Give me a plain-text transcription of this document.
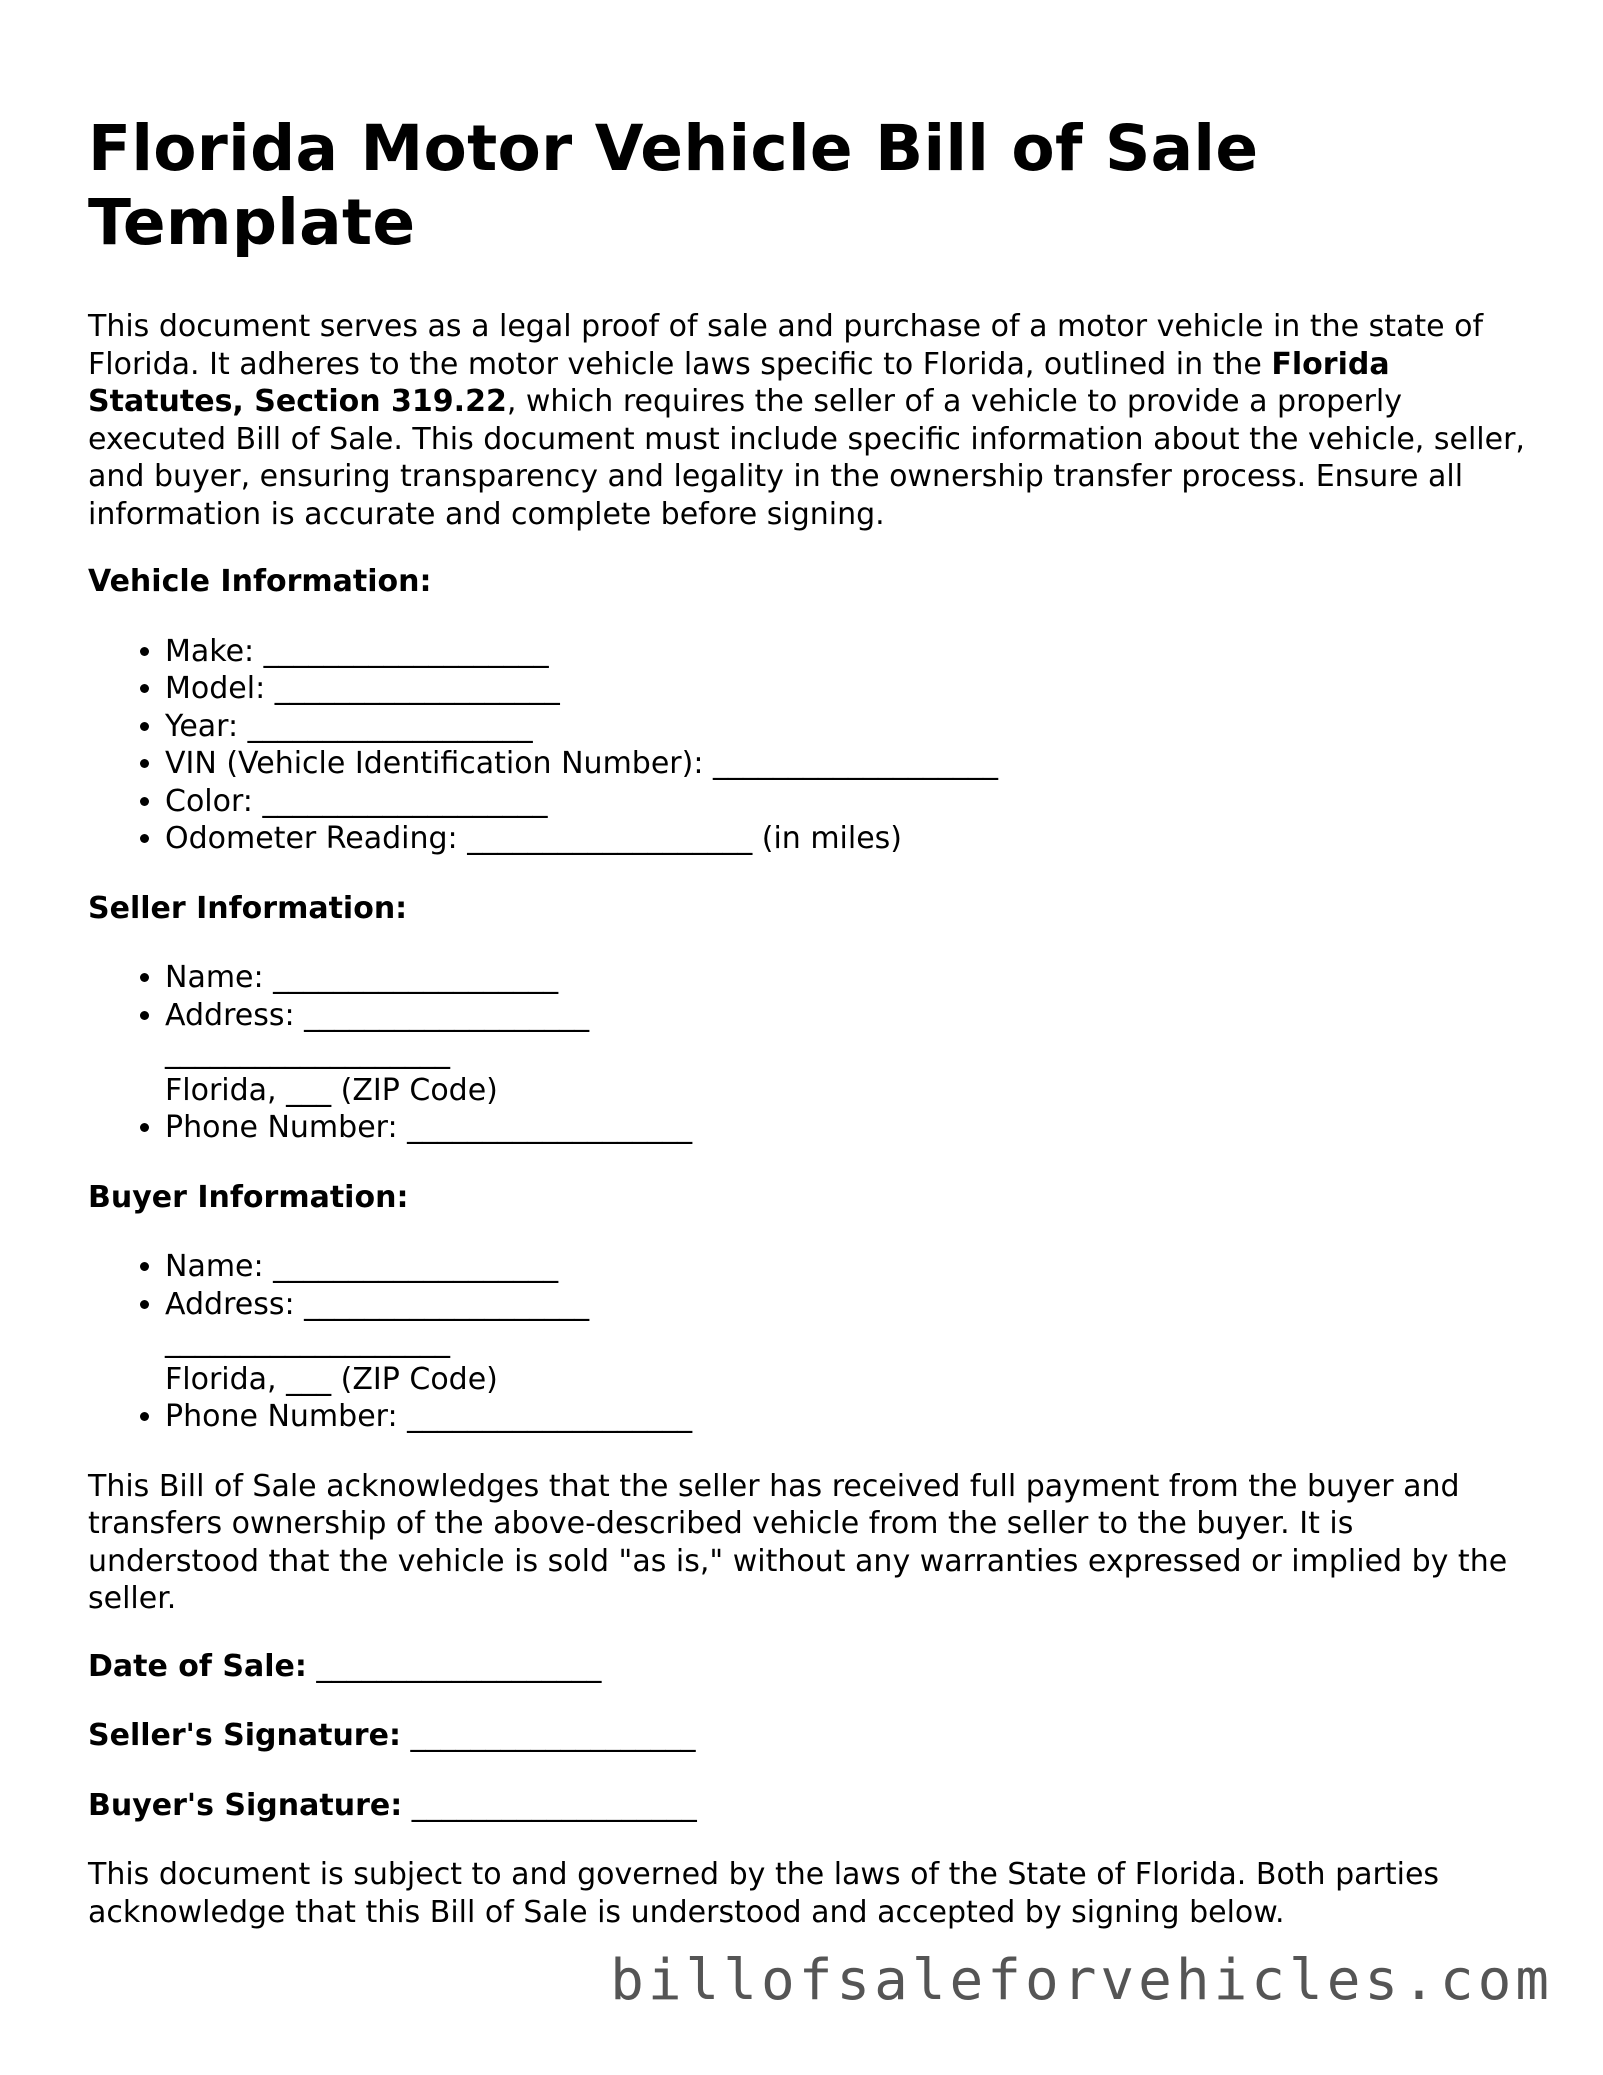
Florida Motor Vehicle Bill of Sale Template

This document serves as a legal proof of sale and purchase of a motor vehicle in the state of Florida. It adheres to the motor vehicle laws specific to Florida, outlined in the Florida Statutes, Section 319.22, which requires the seller of a vehicle to provide a properly executed Bill of Sale. This document must include specific information about the vehicle, seller, and buyer, ensuring transparency and legality in the ownership transfer process. Ensure all information is accurate and complete before signing.

Vehicle Information:
• Make: ___________________
• Model: ___________________
• Year: ___________________
• VIN (Vehicle Identification Number): ___________________
• Color: ___________________
• Odometer Reading: ___________________ (in miles)
Seller Information:
• Name: ___________________
• Address: ___________________
___________________
Florida, ___ (ZIP Code)
• Phone Number: ___________________
Buyer Information:
• Name: ___________________
• Address: ___________________
___________________
Florida, ___ (ZIP Code)
• Phone Number: ___________________

This Bill of Sale acknowledges that the seller has received full payment from the buyer and transfers ownership of the above-described vehicle from the seller to the buyer. It is understood that the vehicle is sold "as is," without any warranties expressed or implied by the seller.

Date of Sale: ___________________
Seller's Signature: ___________________
Buyer's Signature: ___________________

This document is subject to and governed by the laws of the State of Florida. Both parties acknowledge that this Bill of Sale is understood and accepted by signing below.

billofsaleforvehicles.com
